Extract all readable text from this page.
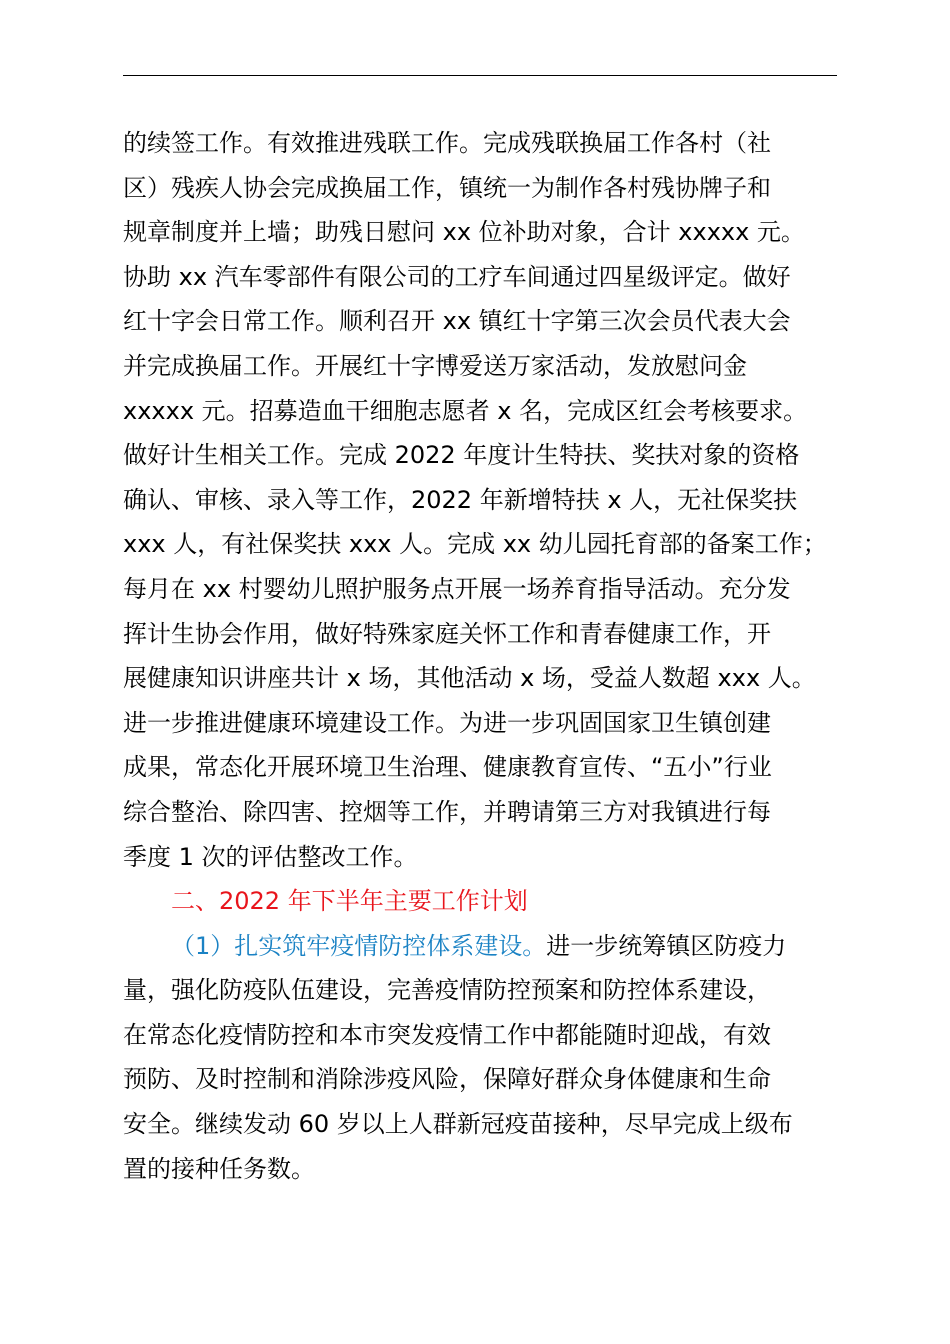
的续签工作。有效推进残联工作。完成残联换届工作各村（社
区）残疾人协会完成换届工作，镇统一为制作各村残协牌子和
规章制度并上墙；助残日慰问 xx 位补助对象，合计 xxxxx 元。
协助 xx 汽车零部件有限公司的工疗车间通过四星级评定。做好
红十字会日常工作。顺利召开 xx 镇红十字第三次会员代表大会
并完成换届工作。开展红十字博爱送万家活动，发放慰问金
xxxxx 元。招募造血干细胞志愿者 x 名，完成区红会考核要求。
做好计生相关工作。完成 2022 年度计生特扶、奖扶对象的资格
确认、审核、录入等工作，2022 年新增特扶 x 人，无社保奖扶
xxx 人，有社保奖扶 xxx 人。完成 xx 幼儿园托育部的备案工作；
每月在 xx 村婴幼儿照护服务点开展一场养育指导活动。充分发
挥计生协会作用，做好特殊家庭关怀工作和青春健康工作，开
展健康知识讲座共计 x 场，其他活动 x 场，受益人数超 xxx 人。
进一步推进健康环境建设工作。为进一步巩固国家卫生镇创建
成果，常态化开展环境卫生治理、健康教育宣传、“五小”行业
综合整治、除四害、控烟等工作，并聘请第三方对我镇进行每
季度 1 次的评估整改工作。
二、2022 年下半年主要工作计划
（1）扎实筑牢疫情防控体系建设。进一步统筹镇区防疫力
量，强化防疫队伍建设，完善疫情防控预案和防控体系建设，
在常态化疫情防控和本市突发疫情工作中都能随时迎战，有效
预防、及时控制和消除涉疫风险，保障好群众身体健康和生命
安全。继续发动 60 岁以上人群新冠疫苗接种，尽早完成上级布
置的接种任务数。
